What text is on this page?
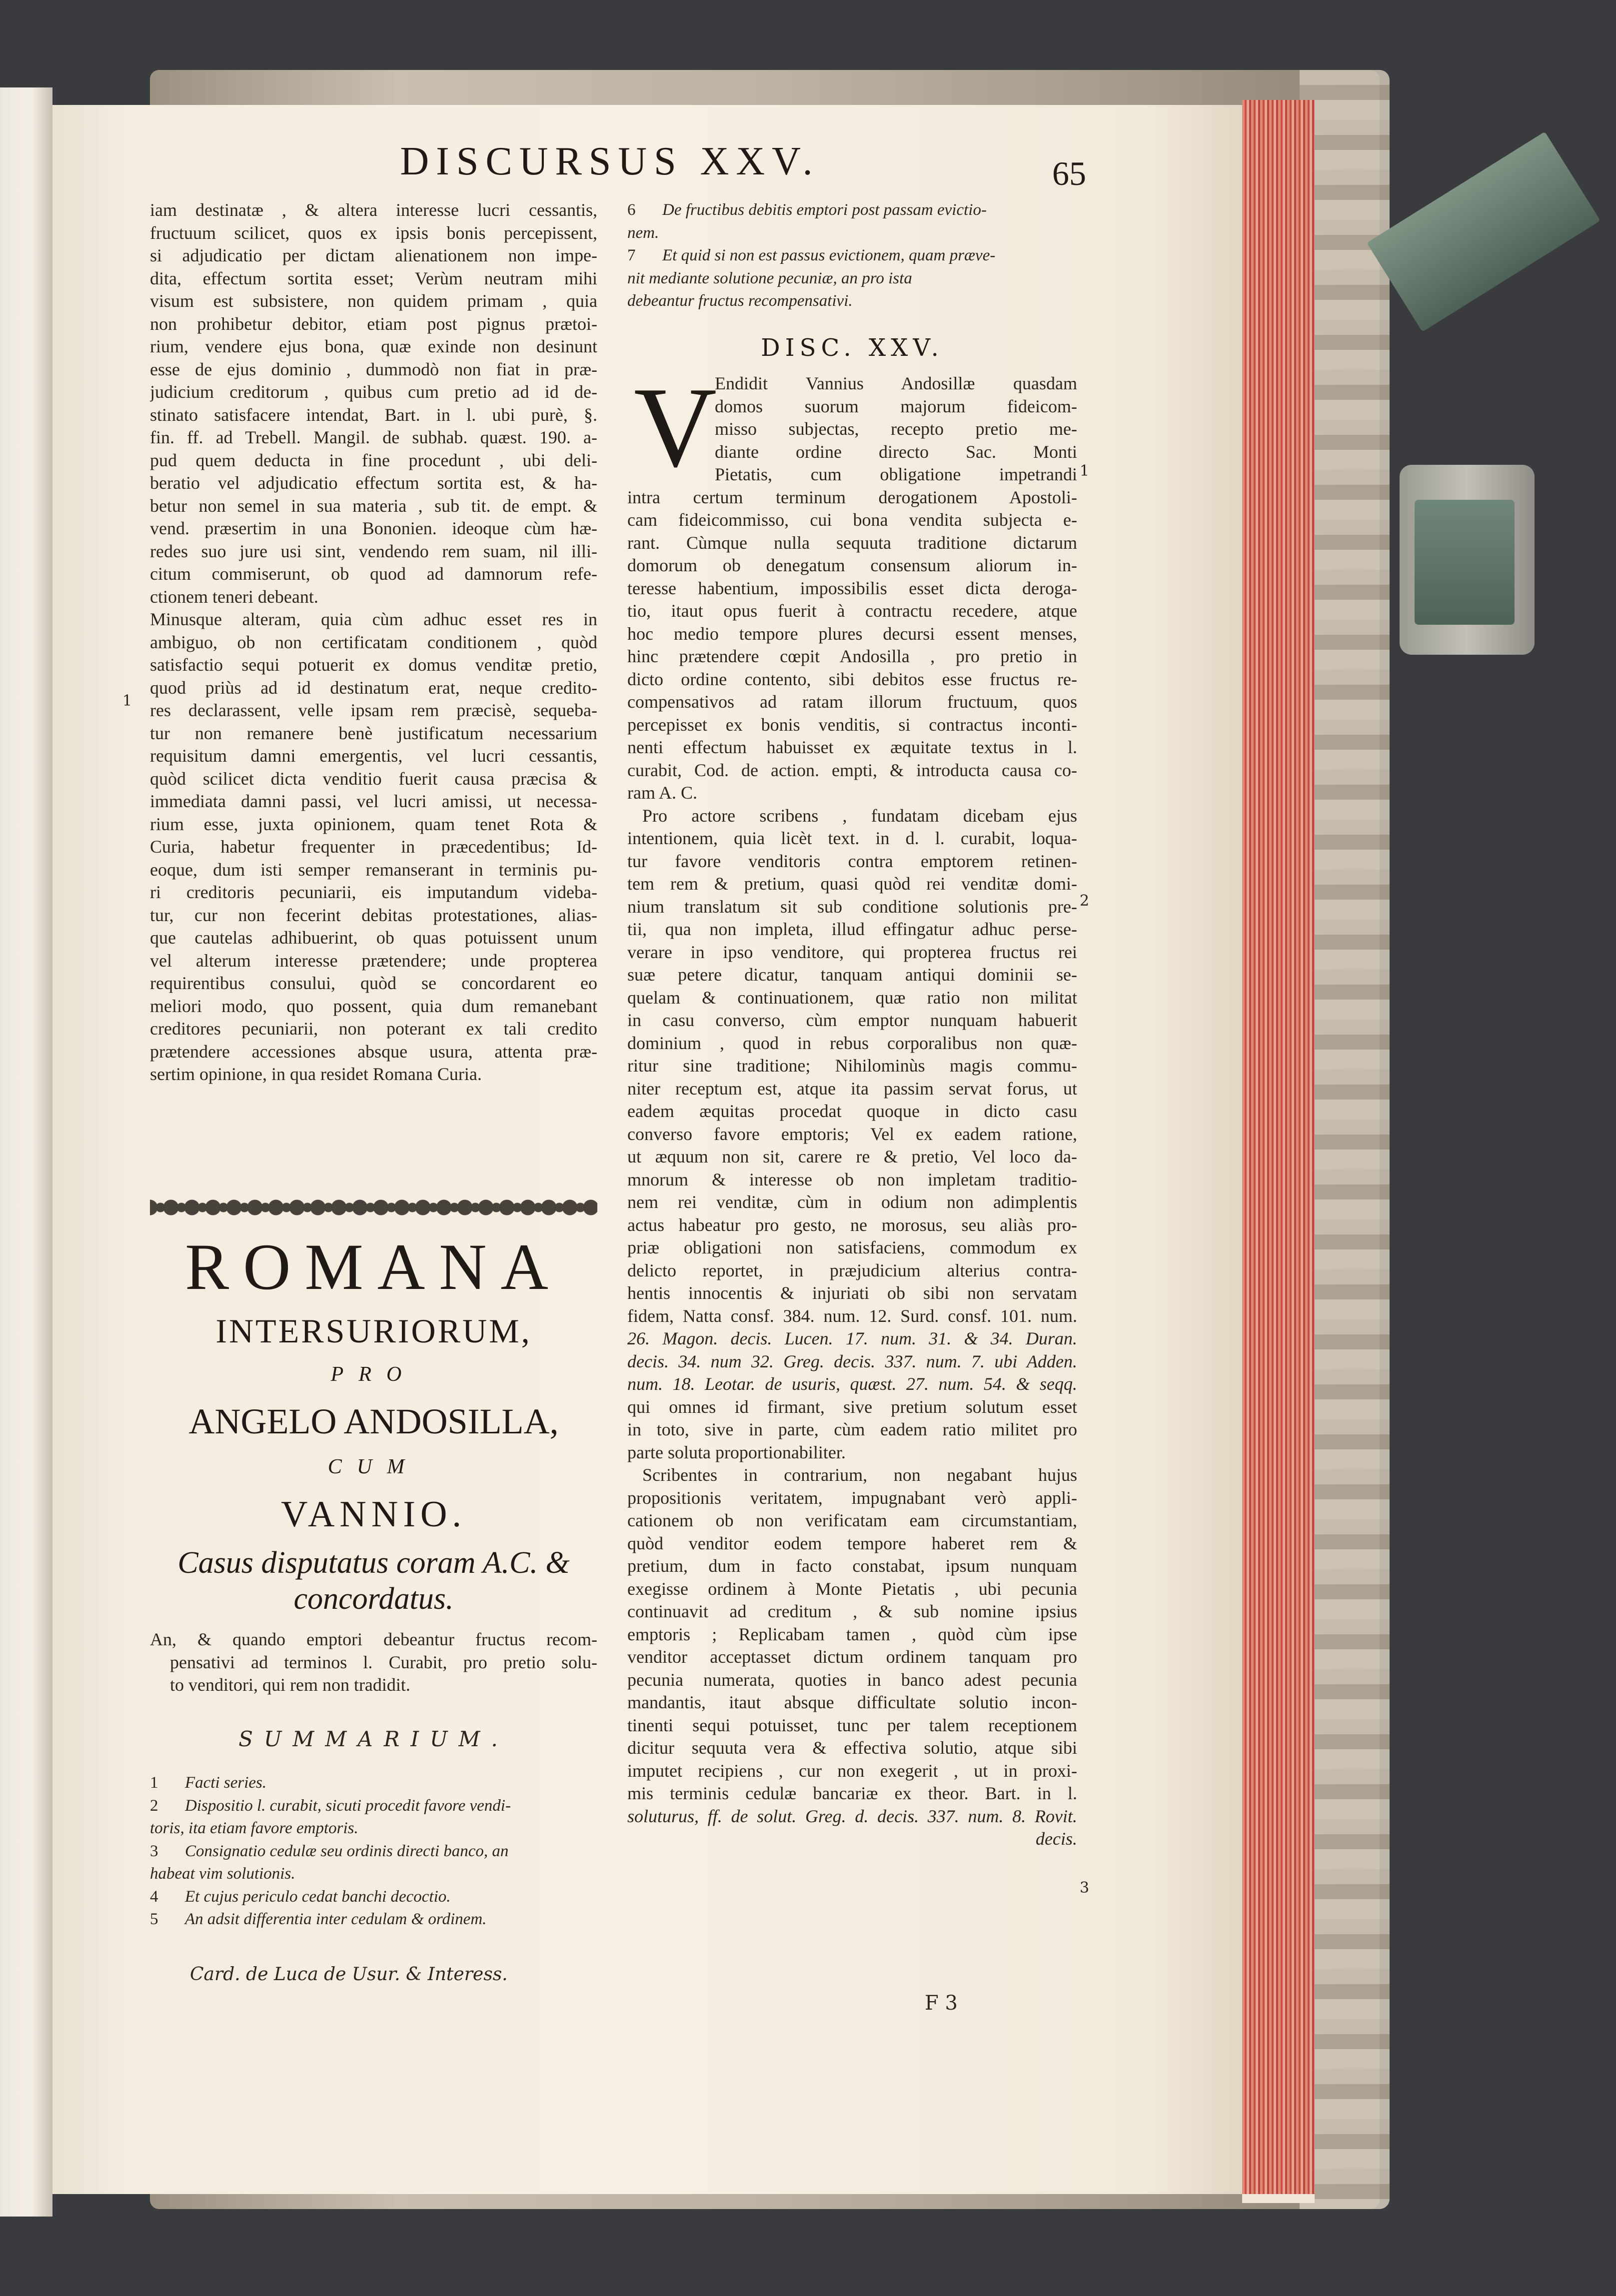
DISCURSUS XXV.	65
iam destinatæ , & altera interesse lucri cessantis,
fructuum scilicet, quos ex ipsis bonis percepissent,
si adjudicatio per dictam alienationem non impe-
dita, effectum sortita esset; Verùm neutram mihi
visum est subsistere, non quidem primam , quia
non prohibetur debitor, etiam post pignus prætoi-
rium, vendere ejus bona, quæ exinde non desinunt
esse de ejus dominio , dummodò non fiat in præ-
judicium creditorum , quibus cum pretio ad id de-
stinato satisfacere intendat, Bart. in l. ubi purè, §.
fin. ff. ad Trebell. Mangil. de subhab. quæst. 190. a-
pud quem deducta in fine procedunt , ubi deli-
beratio vel adjudicatio effectum sortita est, & ha-
betur non semel in sua materia , sub tit. de empt. &
vend. præsertim in una Bononien. ideoque cùm hæ-
redes suo jure usi sint, vendendo rem suam, nil illi-
citum commiserunt, ob quod ad damnorum refe-
ctionem teneri debeant.
Minusque alteram, quia cùm adhuc esset res in
ambiguo, ob non certificatam conditionem , quòd
satisfactio sequi potuerit ex domus venditæ pretio,
quod priùs ad id destinatum erat, neque credito-
res declarassent, velle ipsam rem præcisè, sequeba-
tur non remanere benè justificatum necessarium
requisitum damni emergentis, vel lucri cessantis,
quòd scilicet dicta venditio fuerit causa præcisa &
immediata damni passi, vel lucri amissi, ut necessa-
rium esse, juxta opinionem, quam tenet Rota &
Curia, habetur frequenter in præcedentibus; Id-
eoque, dum isti semper remanserant in terminis pu-
ri creditoris pecuniarii, eis imputandum videba-
tur, cur non fecerint debitas protestationes, alias-
que cautelas adhibuerint, ob quas potuissent unum
vel alterum interesse prætendere; unde propterea
requirentibus consului, quòd se concordarent eo
meliori modo, quo possent, quia dum remanebant
creditores pecuniarii, non poterant ex tali credito
prætendere accessiones absque usura, attenta præ-
sertim opinione, in qua residet Romana Curia.
1
ROMANA
INTERSURIORUM,
PRO
ANGELO ANDOSILLA,
CUM
VANNIO.
Casus disputatus coram A.C. &
concordatus.
An, & quando emptori debeantur fructus recom-
pensativi ad terminos l. Curabit, pro pretio solu-
to venditori, qui rem non tradidit.
SUMMARIUM.
1	Facti series.
2	Dispositio l. curabit, sicuti procedit favore vendi-
toris, ita etiam favore emptoris.
3	Consignatio cedulæ seu ordinis directi banco, an
habeat vim solutionis.
4	Et cujus periculo cedat banchi decoctio.
5	An adsit differentia inter cedulam & ordinem.
Card. de Luca de Usur. & Interess.
6	De fructibus debitis emptori post passam evictio-
nem.
7	Et quid si non est passus evictionem, quam præve-
nit mediante solutione pecuniæ, an pro ista
debeantur fructus recompensativi.
DISC. XXV.
V
Endidit Vannius Andosillæ quasdam
domos suorum majorum fideicom-
misso subjectas, recepto pretio me-
diante ordine directo Sac. Monti
Pietatis, cum obligatione impetrandi
intra certum terminum derogationem Apostoli-
cam fideicommisso, cui bona vendita subjecta e-
rant. Cùmque nulla sequuta traditione dictarum
domorum ob denegatum consensum aliorum in-
teresse habentium, impossibilis esset dicta deroga-
tio, itaut opus fuerit à contractu recedere, atque
hoc medio tempore plures decursi essent menses,
hinc prætendere cœpit Andosilla , pro pretio in
dicto ordine contento, sibi debitos esse fructus re-
compensativos ad ratam illorum fructuum, quos
percepisset ex bonis venditis, si contractus inconti-
nenti effectum habuisset ex æquitate textus in l.
curabit, Cod. de action. empti, & introducta causa co-
ram A. C.
Pro actore scribens , fundatam dicebam ejus
intentionem, quia licèt text. in d. l. curabit, loqua-
tur favore venditoris contra emptorem retinen-
tem rem & pretium, quasi quòd rei venditæ domi-
nium translatum sit sub conditione solutionis pre-
tii, qua non impleta, illud effingatur adhuc perse-
verare in ipso venditore, qui propterea fructus rei
suæ petere dicatur, tanquam antiqui dominii se-
quelam & continuationem, quæ ratio non militat
in casu converso, cùm emptor nunquam habuerit
dominium , quod in rebus corporalibus non quæ-
ritur sine traditione; Nihilominùs magis commu-
niter receptum est, atque ita passim servat forus, ut
eadem æquitas procedat quoque in dicto casu
converso favore emptoris; Vel ex eadem ratione,
ut æquum non sit, carere re & pretio, Vel loco da-
mnorum & interesse ob non impletam traditio-
nem rei venditæ, cùm in odium non adimplentis
actus habeatur pro gesto, ne morosus, seu aliàs pro-
priæ obligationi non satisfaciens, commodum ex
delicto reportet, in præjudicium alterius contra-
hentis innocentis & injuriati ob sibi non servatam
fidem, Natta consf. 384. num. 12. Surd. consf. 101. num.
26. Magon. decis. Lucen. 17. num. 31. & 34. Duran.
decis. 34. num 32. Greg. decis. 337. num. 7. ubi Adden.
num. 18. Leotar. de usuris, quæst. 27. num. 54. & seqq.
qui omnes id firmant, sive pretium solutum esset
in toto, sive in parte, cùm eadem ratio militet pro
parte soluta proportionabiliter.
Scribentes in contrarium, non negabant hujus
propositionis veritatem, impugnabant verò appli-
cationem ob non verificatam eam circumstantiam,
quòd venditor eodem tempore haberet rem &
pretium, dum in facto constabat, ipsum nunquam
exegisse ordinem à Monte Pietatis , ubi pecunia
continuavit ad creditum , & sub nomine ipsius
emptoris ; Replicabam tamen , quòd cùm ipse
venditor acceptasset dictum ordinem tanquam pro
pecunia numerata, quoties in banco adest pecunia
mandantis, itaut absque difficultate solutio incon-
tinenti sequi potuisset, tunc per talem receptionem
dicitur sequuta vera & effectiva solutio, atque sibi
imputet recipiens , cur non exegerit , ut in proxi-
mis terminis cedulæ bancariæ ex theor. Bart. in l.
soluturus, ff. de solut. Greg. d. decis. 337. num. 8. Rovit.
decis.
1
2
3
F 3
